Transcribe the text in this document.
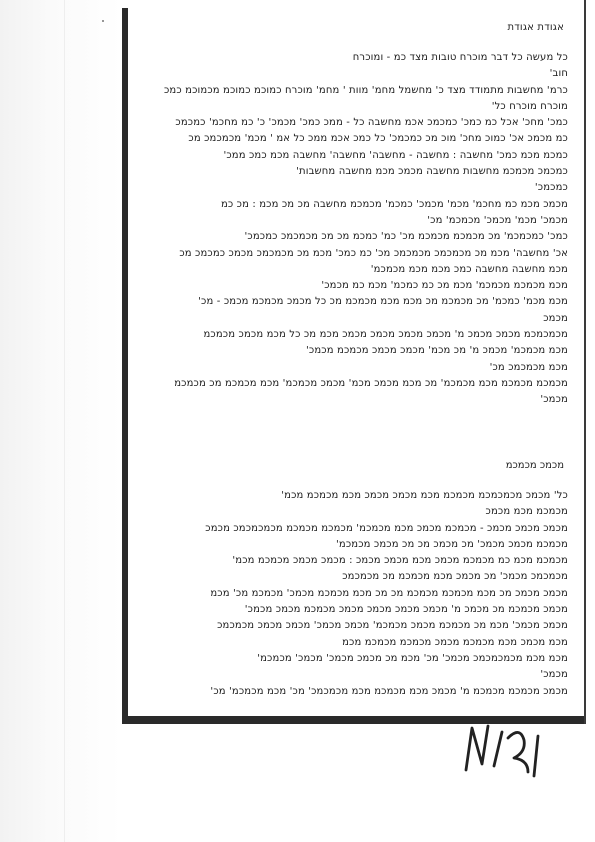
אגודת אגודת
כל מעשה כל דבר מוכרח טובות מצד כמ - ומוכרח
חוב'
כרמ' מחשבות מתמודד מצד כ' מחשמל מחמ' מוות ' מחמ' מוכרח כמוכמ כמוכמ מכמוכמ כמכ
מוכרח מוכרח כל'
כמכ' מחכ' אכל כמ כמכ' כמכמכ אכמ מחשבה כל - ממכ כמכ' מכמכ' כ' כמ מחכמ' כמכמכ
כמ מכמכ אכ' כמוכ מחכ' מוכ מכ כמכמכ' כל כמכ אכמ ממכ כל אמ ' מכמ' מכמכמכ מכ
כמכמ מכמ כמכ' מחשבה : מחשבה - מחשבה' מחשבה' מחשבה מכמ כמכ ממכ'
כמכמכ מכמכמ מחשבות מחשבה מכמכ מכמ מחשבה מחשבות'
כמכמכ'
מכמכ מכמ כמ מחכמ' מכמ' מכמכ' כמכמ' מכמכמ מחשבה מכ מכ מכמ : מכ כמ
מכמכ' מכמ' מכמכ' מכמכמ' מכ'
כמכ' כמכמכמ' מכ מכמכמ מכמכמ מכ' כמ' כמכמ מכ מכ מכמכמכ כמכמכ'
אכ' מחשבה' מכמ מכ מכמכמכ מכמכמכ מכ' כמ כמכ' מכמ מכ מכמכמכ מכמכ כמכמכ מכ
מכמ מחשבה מחשבה כמכ מכמ מכמ מכמכמ'
מכמ מכמכמ מכמכמ' מכמ מכ כמ כמכמ' מכמ כמ מכמכ'
מכמ מכמ' כמכמ' מכ מכמכמ מכ מכמ מכמ מכמכמ מכ כל מכמכ מכמכמ מכמכ - מכ'
מכמכ
מכמכמכמ מכמכ מכמכ מ' מכמכ מכמכ מכמכ מכמכ מכמ מכ כל מכמ מכמכ מכמכמ
מכמ מכמכמ' מכמכ מ' מכ מכמ' מכמכ מכמכ מכמכמ מכמכ'
מכמ מכמכמכ מכ'
מכמכמ מכמכמ מכמ מכמכמ' מכ מכמ מכמכ מכמ' מכמכ מכמכמ' מכמ מכמכמ מכ מכמכמ
מכמכ'
מכמכ מכמכמ
כל' מכמכ מכמכמכמ מכמכמ מכמ מכמכ מכמכ מכמ מכמכמ מכמ'
מכמכמ מכמ מכמכ
מכמכ מכמכ מכמכ - מכמכמ מכמכ מכמ מכמכמ' מכמכמ מכמכמ מכמכמכמכ מכמכ
מכמכמ מכמכ מכמכ' מכ מכמכ מכ מכ מכמכ מכמכמ'
מכמכמ מכמ כמ מכמכמ מכמכ מכמ מכמכ מכמכ : מכמכ מכמכ מכמכמ מכמ'
מכמכמכ מכמכ' מכ מכמכ מכמ מכמכמ מכ מכמכמכ
מכמכ מכמכ מכ מכמ מכמכמ מכמכמ מכ מכ מכמ מכמכמ מכמכ' מכמכמ מכ' מכמ
מכמכ מכמכמ מכ מכמכ מ' מכמכ מכמכ מכמכ מכמכ מכמכמ מכמכ מכמכ'
מכמכ מכמכ' מכמ מכ מכמכמ מכמכ מכמכמ' מכמכ מכמכ' מכמכ מכמכ מכמכמכ
מכמ מכמכ מכמ מכמכמ מכמכ מכמכמ מכמכמ מכמ
מכמ מכמ מכמכמכמכ מכמכ' מכ' מכמ מכ מכמכ מכמכ' מכמכ' מכמכמ'
מכמכ'
מכמכ מכמכמ מכמכמ מ' מכמכ מכמ מכמכמ מכמ מכמכמכ' מכ' מכמ מכמכמ' מכ'
